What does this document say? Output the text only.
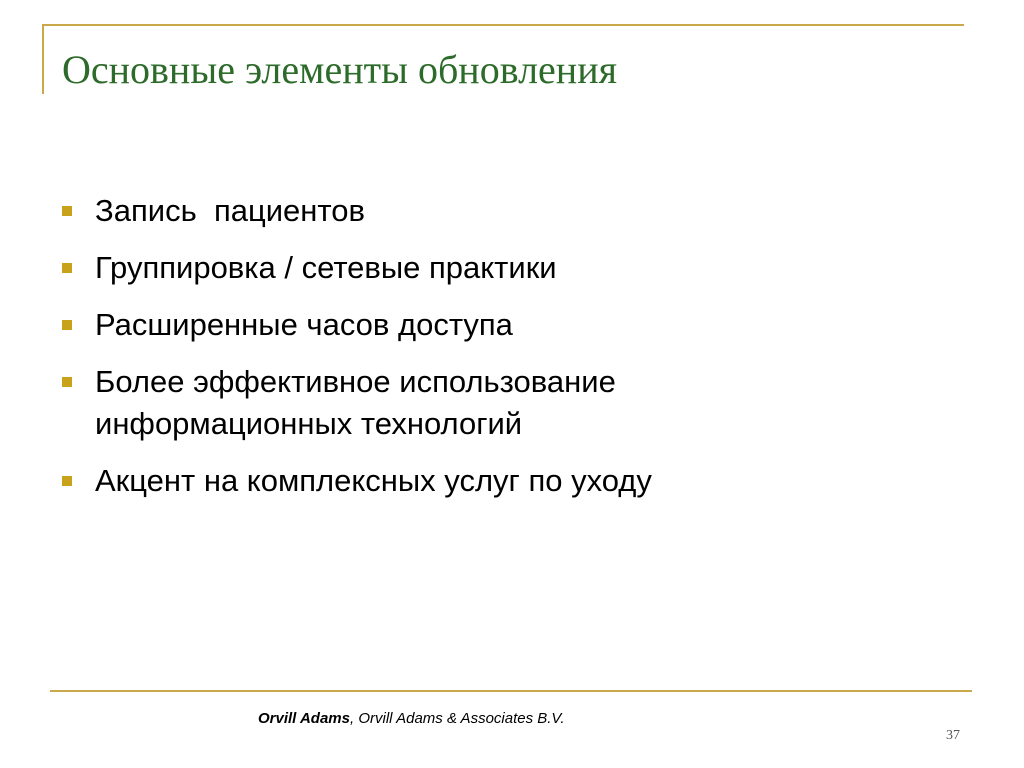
Основные элементы обновления
Запись  пациентов
Группировка / сетевые практики
Расширенные часов доступа
Более эффективное использование информационных технологий
Акцент на комплексных услуг по уходу
Orvill Adams, Orvill Adams & Associates B.V.
37
